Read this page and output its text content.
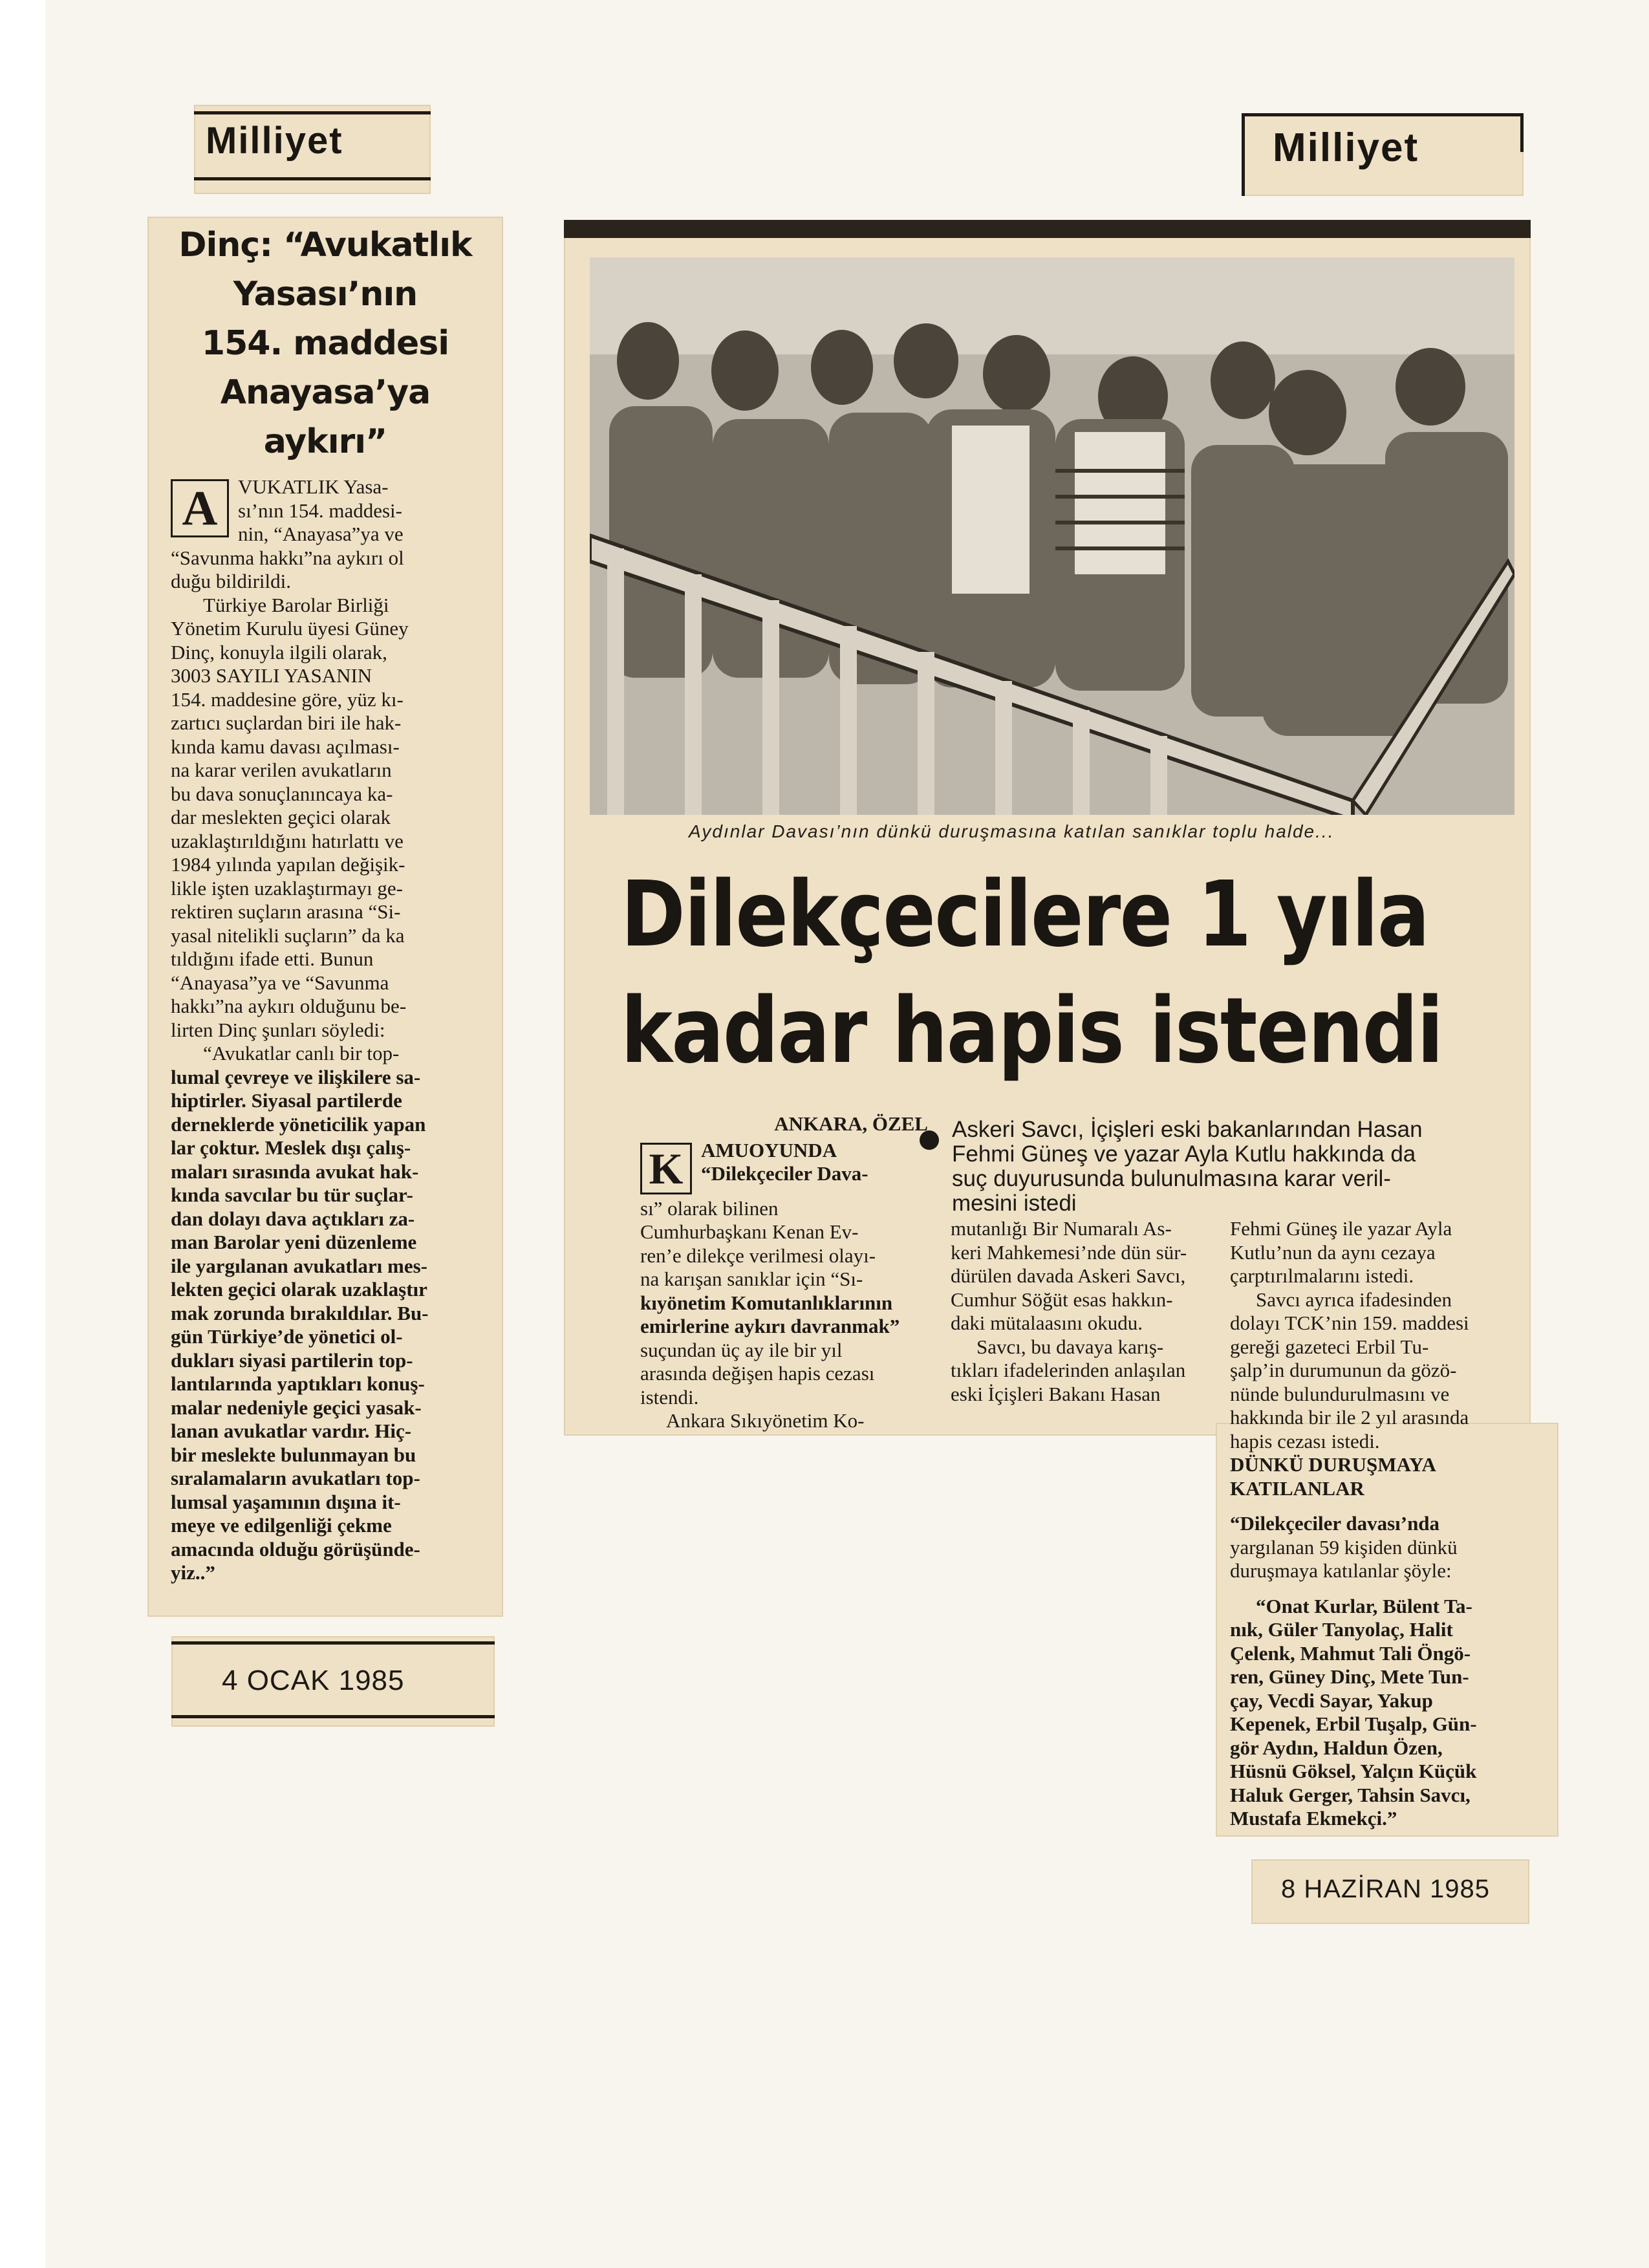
Milliyet	Milliyet
Dinç: “Avukatlık
Yasası’nın
154. maddesi
Anayasa’ya
aykırı”
A	VUKATLIK Yasa-

sı’nın 154. maddesi-

nin, “Anayasa”ya ve

“Savunma hakkı”na aykırı ol

duğu bildirildi.

Türkiye Barolar Birliği

Yönetim Kurulu üyesi Güney

Dinç, konuyla ilgili olarak,

3003 SAYILI YASANIN

154. maddesine göre, yüz kı-

zartıcı suçlardan biri ile hak-

kında kamu davası açılması-

na karar verilen avukatların

bu dava sonuçlanıncaya ka-

dar meslekten geçici olarak

uzaklaştırıldığını hatırlattı ve

1984 yılında yapılan değişik-

likle işten uzaklaştırmayı ge-

rektiren suçların arasına “Si-

yasal nitelikli suçların” da ka

tıldığını ifade etti. Bunun

“Anayasa”ya ve “Savunma

hakkı”na aykırı olduğunu be-

lirten Dinç şunları söyledi:

“Avukatlar canlı bir top-

lumal çevreye ve ilişkilere sa-

hiptirler. Siyasal partilerde

derneklerde yöneticilik yapan

lar çoktur. Meslek dışı çalış-

maları sırasında avukat hak-

kında savcılar bu tür suçlar-

dan dolayı dava açtıkları za-

man Barolar yeni düzenleme

ile yargılanan avukatları mes-

lekten geçici olarak uzaklaştır

mak zorunda bırakıldılar. Bu-

gün Türkiye’de yönetici ol-

dukları siyasi partilerin top-

lantılarında yaptıkları konuş-

malar nedeniyle geçici yasak-

lanan avukatlar vardır. Hiç-

bir meslekte bulunmayan bu

sıralamaların avukatları top-

lumsal yaşamının dışına it-

meye ve edilgenliği çekme

amacında olduğu görüşünde-

yiz..”

4 OCAK 1985
Aydınlar Davası’nın dünkü duruşmasına katılan sanıklar toplu halde...
Dilekçecilere 1 yıla
kadar hapis istendi
Askeri Savcı, İçişleri eski bakanlarından Hasan
Fehmi Güneş ve yazar Ayla Kutlu hakkında da
suç duyurusunda bulunulmasına karar veril-
mesini istedi

ANKARA, ÖZEL

K AMUOYUNDA

“Dilekçeciler Dava-

sı” olarak bilinen

Cumhurbaşkanı Kenan Ev-

ren’e dilekçe verilmesi olayı-

na karışan sanıklar için “Sı-

kıyönetim Komutanlıklarının

emirlerine aykırı davranmak”

suçundan üç ay ile bir yıl

arasında değişen hapis cezası

istendi.

Ankara Sıkıyönetim Ko-

mutanlığı Bir Numaralı As-

keri Mahkemesi’nde dün sür-

dürülen davada Askeri Savcı,

Cumhur Söğüt esas hakkın-

daki mütalaasını okudu.

Savcı, bu davaya karış-

tıkları ifadelerinden anlaşılan

eski İçişleri Bakanı Hasan

Fehmi Güneş ile yazar Ayla

Kutlu’nun da aynı cezaya

çarptırılmalarını istedi.

Savcı ayrıca ifadesinden

dolayı TCK’nin 159. maddesi

gereği gazeteci Erbil Tu-

şalp’in durumunun da gözö-

nünde bulundurulmasını ve

hakkında bir ile 2 yıl arasında

hapis cezası istedi.

DÜNKÜ DURUŞMAYA

KATILANLAR

“Dilekçeciler davası’nda

yargılanan 59 kişiden dünkü

duruşmaya katılanlar şöyle:

“Onat Kurlar, Bülent Ta-

nık, Güler Tanyolaç, Halit

Çelenk, Mahmut Tali Öngö-

ren, Güney Dinç, Mete Tun-

çay, Vecdi Sayar, Yakup

Kepenek, Erbil Tuşalp, Gün-

gör Aydın, Haldun Özen,

Hüsnü Göksel, Yalçın Küçük

Haluk Gerger, Tahsin Savcı,

Mustafa Ekmekçi.”

8 HAZİRAN 1985
